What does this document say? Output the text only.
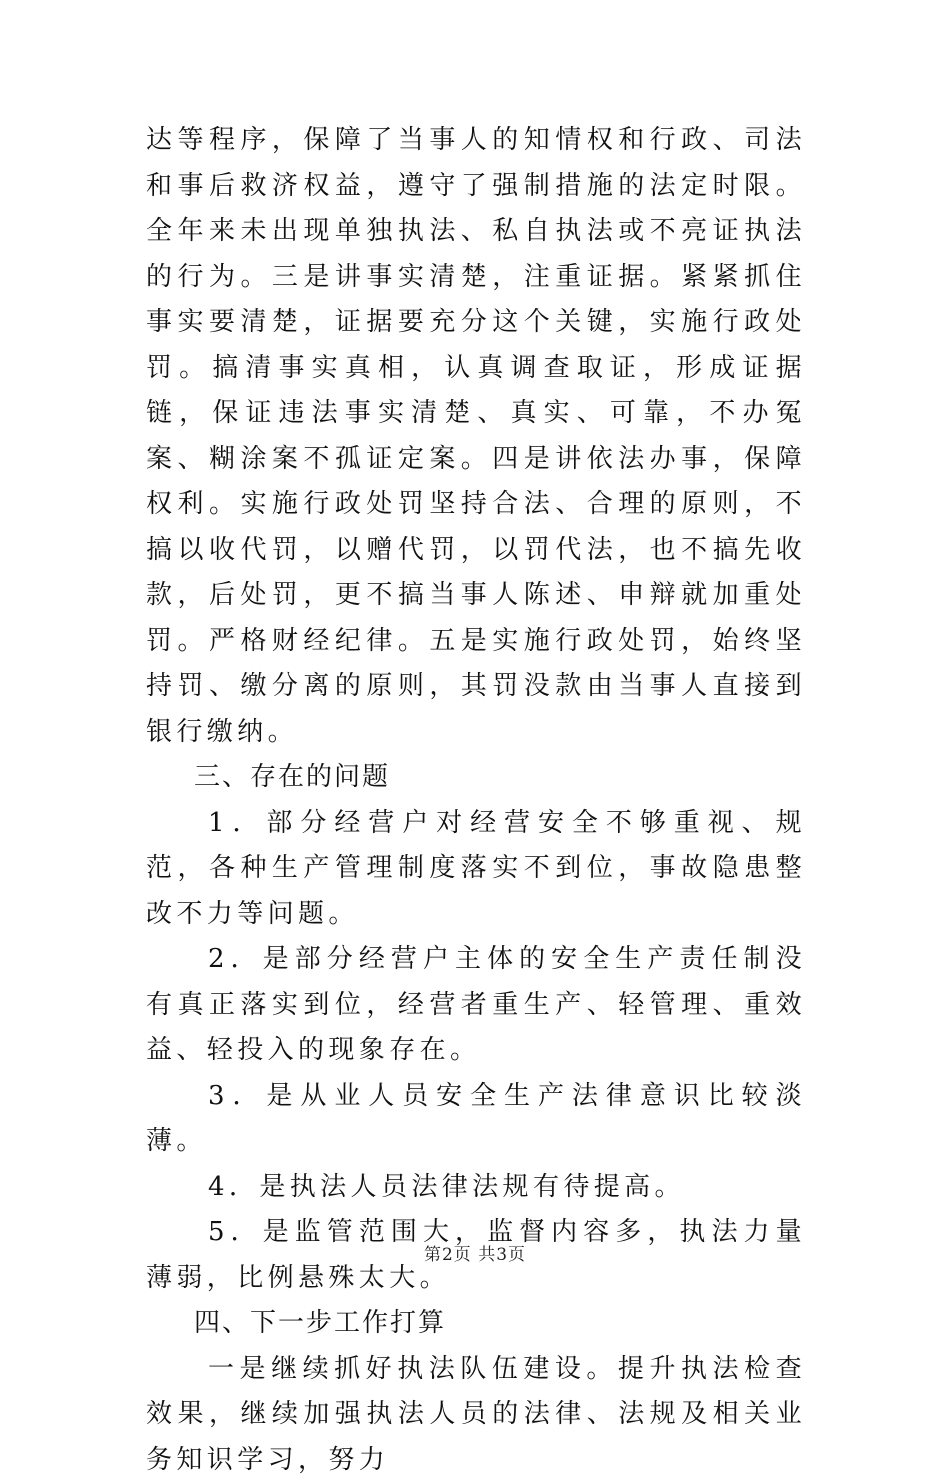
达等程序，保障了当事人的知情权和行政、司法和事后救济权益，遵守了强制措施的法定时限。全年来未出现单独执法、私自执法或不亮证执法的行为。三是讲事实清楚，注重证据。紧紧抓住事实要清楚，证据要充分这个关键，实施行政处罚。搞清事实真相，认真调查取证，形成证据链，保证违法事实清楚、真实、可靠，不办冤案、糊涂案不孤证定案。四是讲依法办事，保障权利。实施行政处罚坚持合法、合理的原则，不搞以收代罚，以赠代罚，以罚代法，也不搞先收款，后处罚，更不搞当事人陈述、申辩就加重处罚。严格财经纪律。五是实施行政处罚，始终坚持罚、缴分离的原则，其罚没款由当事人直接到银行缴纳。

三、存在的问题

1．部分经营户对经营安全不够重视、规范，各种生产管理制度落实不到位，事故隐患整改不力等问题。

2．是部分经营户主体的安全生产责任制没有真正落实到位，经营者重生产、轻管理、重效益、轻投入的现象存在。

3．是从业人员安全生产法律意识比较淡薄。

4．是执法人员法律法规有待提高。

5．是监管范围大，监督内容多，执法力量薄弱，比例悬殊太大。

四、下一步工作打算

一是继续抓好执法队伍建设。提升执法检查效果，继续加强执法人员的法律、法规及相关业务知识学习，努力

第2页 共3页
